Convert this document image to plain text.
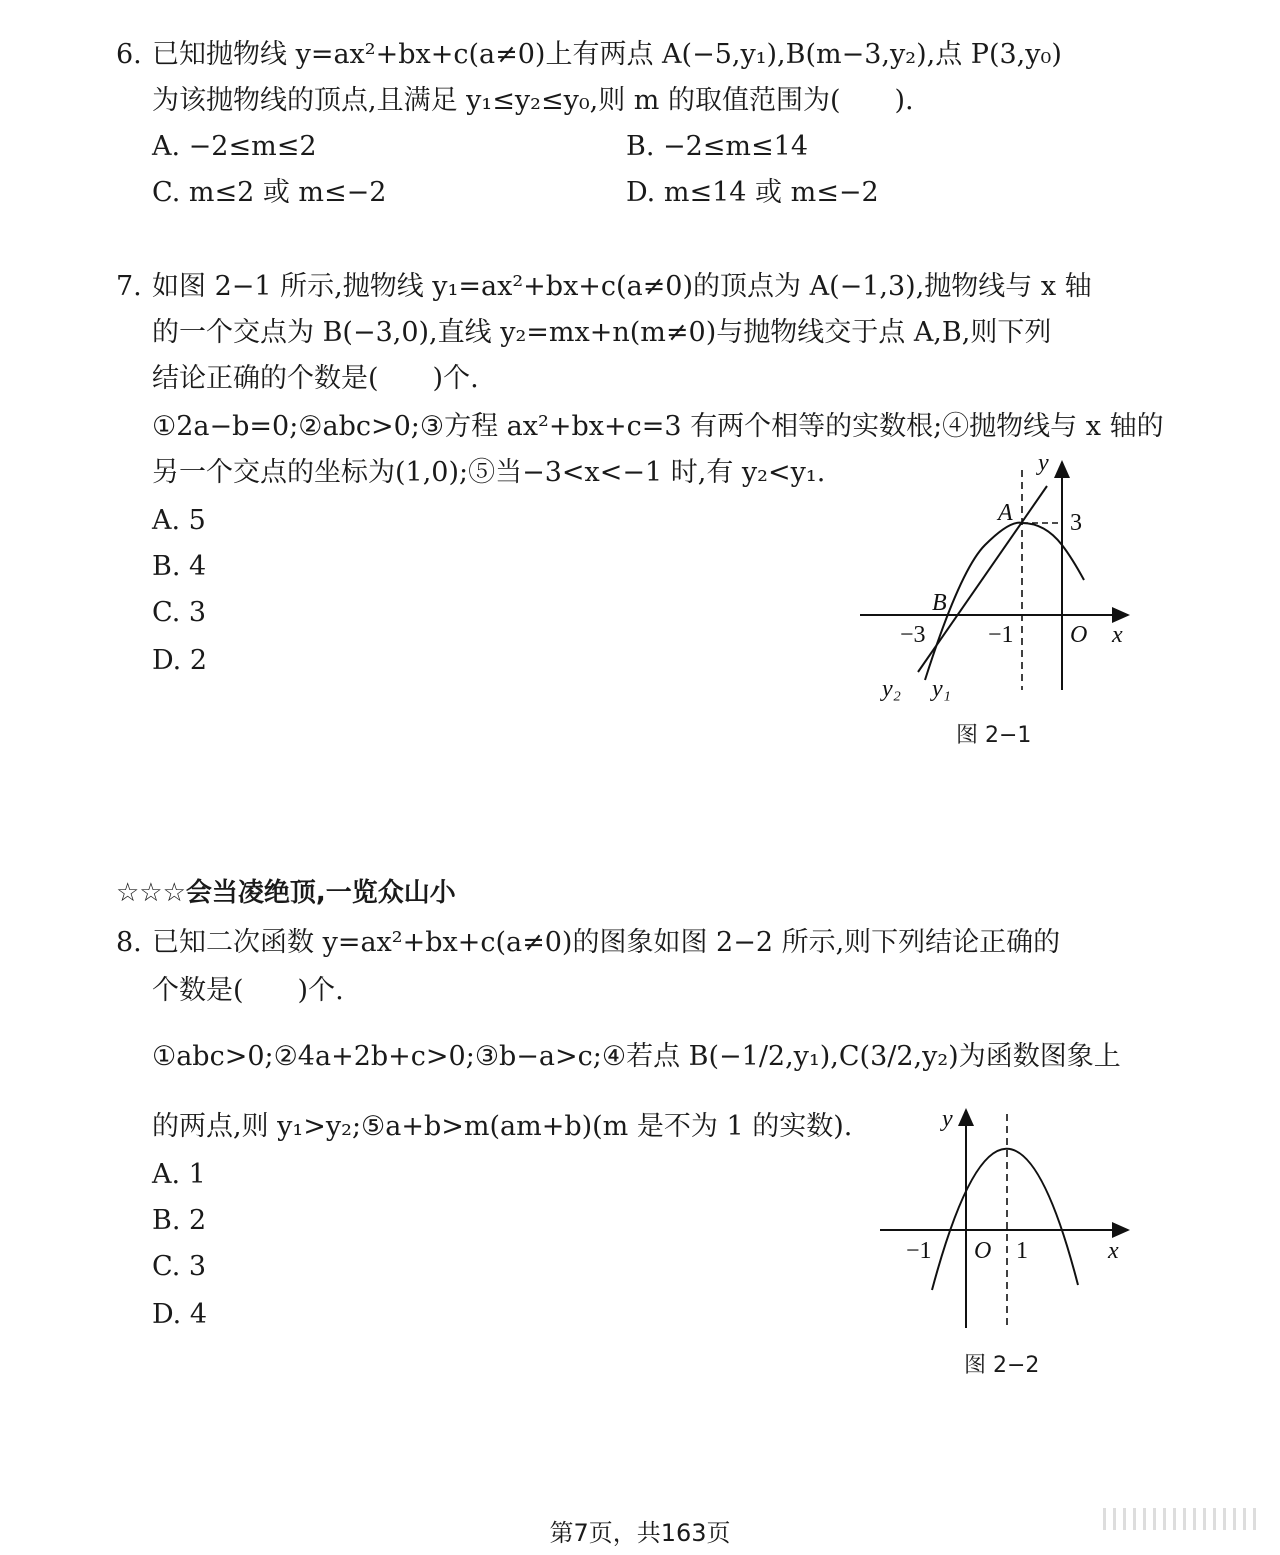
6. 已知抛物线 y=ax²+bx+c(a≠0)上有两点 A(−5,y₁),B(m−3,y₂),点 P(3,y₀)
为该抛物线的顶点,且满足 y₁≤y₂≤y₀,则 m 的取值范围为(　　).
A. −2≤m≤2	B. −2≤m≤14
C. m≤2 或 m≤−2	D. m≤14 或 m≤−2
7. 如图 2−1 所示,抛物线 y₁=ax²+bx+c(a≠0)的顶点为 A(−1,3),抛物线与 x 轴
的一个交点为 B(−3,0),直线 y₂=mx+n(m≠0)与抛物线交于点 A,B,则下列
结论正确的个数是(　　)个.
①2a−b=0;②abc>0;③方程 ax²+bx+c=3 有两个相等的实数根;④抛物线与 x 轴的
另一个交点的坐标为(1,0);⑤当−3<x<−1 时,有 y₂<y₁.
A. 5
B. 4
C. 3
D. 2
y
x
O
A
B
3
−3	−1
y₂ y₁
图 2−1
☆☆☆会当凌绝顶,一览众山小
8. 已知二次函数 y=ax²+bx+c(a≠0)的图象如图 2−2 所示,则下列结论正确的
个数是(　　)个.
①abc>0;②4a+2b+c>0;③b−a>c;④若点 B(−1/2,y₁),C(3/2,y₂)为函数图象上
的两点,则 y₁>y₂;⑤a+b>m(am+b)(m 是不为 1 的实数).
A. 1
B. 2
C. 3
D. 4
y
x
O
−1	1
图 2−2
第7页，共163页
